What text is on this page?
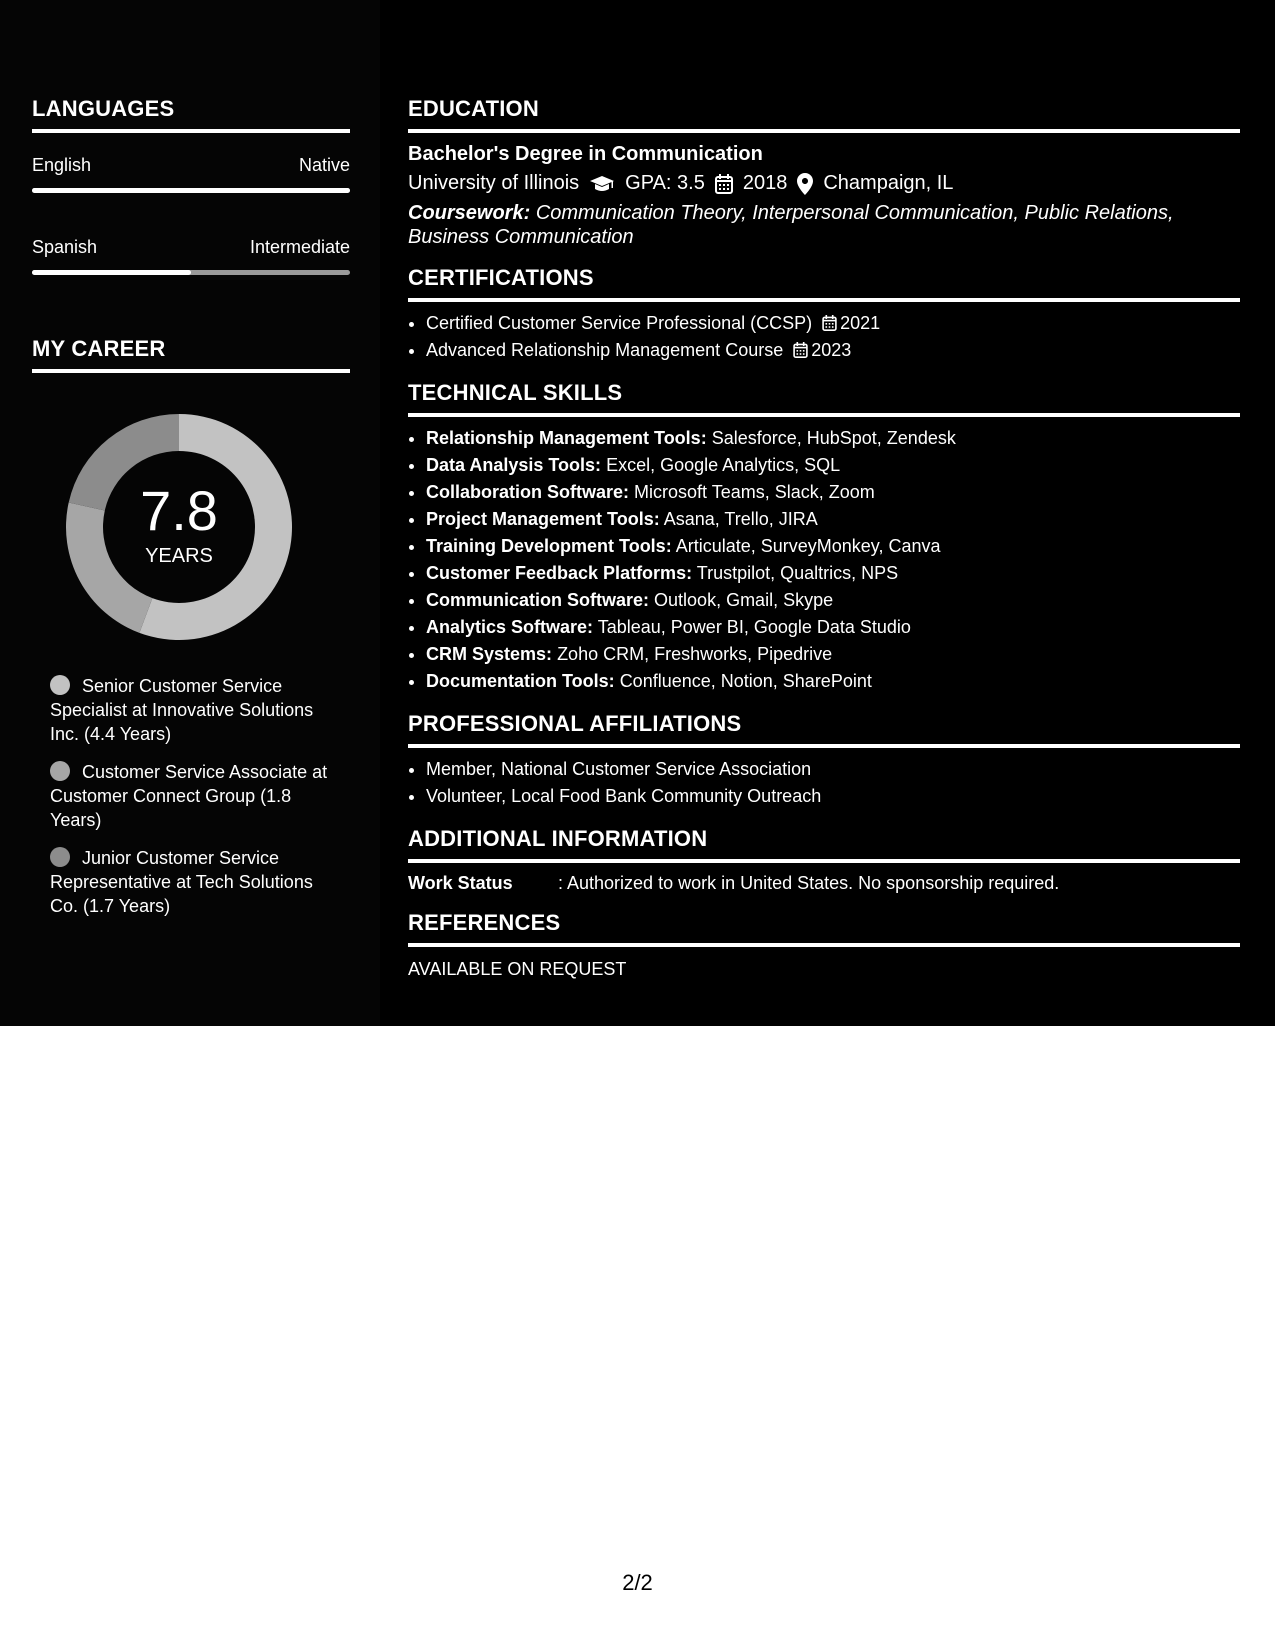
LANGUAGES
English	Native
Spanish	Intermediate
MY CAREER
7.8
YEARS
Senior Customer Service Specialist at Innovative Solutions Inc. (4.4 Years)
Customer Service Associate at Customer Connect Group (1.8 Years)
Junior Customer Service Representative at Tech Solutions Co. (1.7 Years)
EDUCATION
Bachelor's Degree in Communication
University of Illinois GPA: 3.5 2018 Champaign, IL
Coursework: Communication Theory, Interpersonal Communication, Public Relations, Business Communication
CERTIFICATIONS
• Certified Customer Service Professional (CCSP) 2021
• Advanced Relationship Management Course 2023
TECHNICAL SKILLS
• Relationship Management Tools: Salesforce, HubSpot, Zendesk
• Data Analysis Tools: Excel, Google Analytics, SQL
• Collaboration Software: Microsoft Teams, Slack, Zoom
• Project Management Tools: Asana, Trello, JIRA
• Training Development Tools: Articulate, SurveyMonkey, Canva
• Customer Feedback Platforms: Trustpilot, Qualtrics, NPS
• Communication Software: Outlook, Gmail, Skype
• Analytics Software: Tableau, Power BI, Google Data Studio
• CRM Systems: Zoho CRM, Freshworks, Pipedrive
• Documentation Tools: Confluence, Notion, SharePoint
PROFESSIONAL AFFILIATIONS
• Member, National Customer Service Association
• Volunteer, Local Food Bank Community Outreach
ADDITIONAL INFORMATION
Work Status	: Authorized to work in United States. No sponsorship required.
REFERENCES
AVAILABLE ON REQUEST
2/2
